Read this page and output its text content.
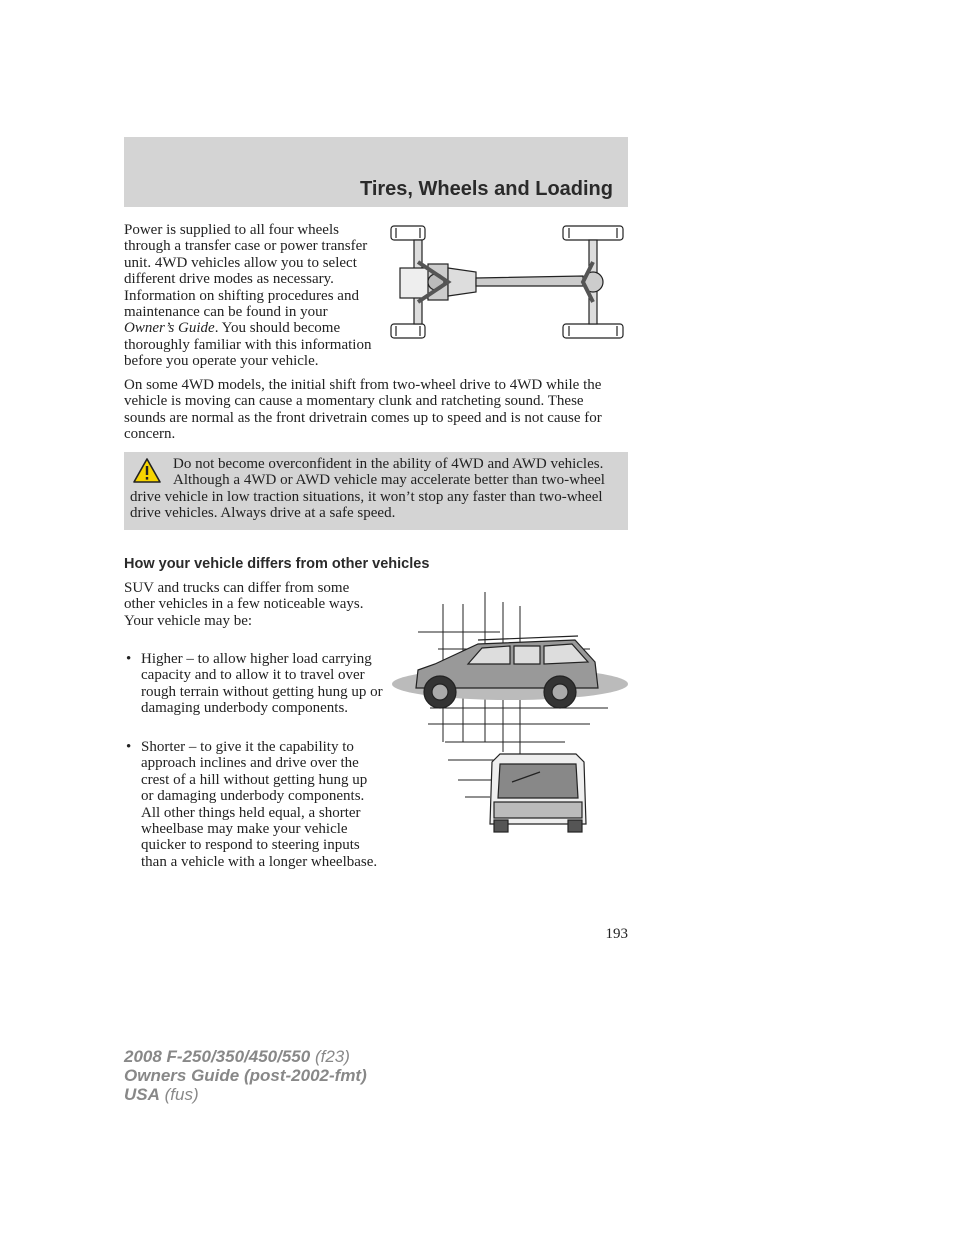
Tires, Wheels and Loading

Power is supplied to all four wheels through a transfer case or power transfer unit. 4WD vehicles allow you to select different drive modes as necessary. Information on shifting procedures and maintenance can be found in your Owner’s Guide. You should become thoroughly familiar with this information before you operate your vehicle.

On some 4WD models, the initial shift from two-wheel drive to 4WD while the vehicle is moving can cause a momentary clunk and ratcheting sound. These sounds are normal as the front drivetrain comes up to speed and is not cause for concern.

Do not become overconfident in the ability of 4WD and AWD vehicles. Although a 4WD or AWD vehicle may accelerate better than two-wheel drive vehicle in low traction situations, it won’t stop any faster than two-wheel drive vehicles. Always drive at a safe speed.

How your vehicle differs from other vehicles

SUV and trucks can differ from some other vehicles in a few noticeable ways. Your vehicle may be:

• Higher – to allow higher load carrying capacity and to allow it to travel over rough terrain without getting hung up or damaging underbody components.
• Shorter – to give it the capability to approach inclines and drive over the crest of a hill without getting hung up or damaging underbody components. All other things held equal, a shorter wheelbase may make your vehicle quicker to respond to steering inputs than a vehicle with a longer wheelbase.
193
2008 F-250/350/450/550 (f23)
Owners Guide (post-2002-fmt)
USA (fus)
